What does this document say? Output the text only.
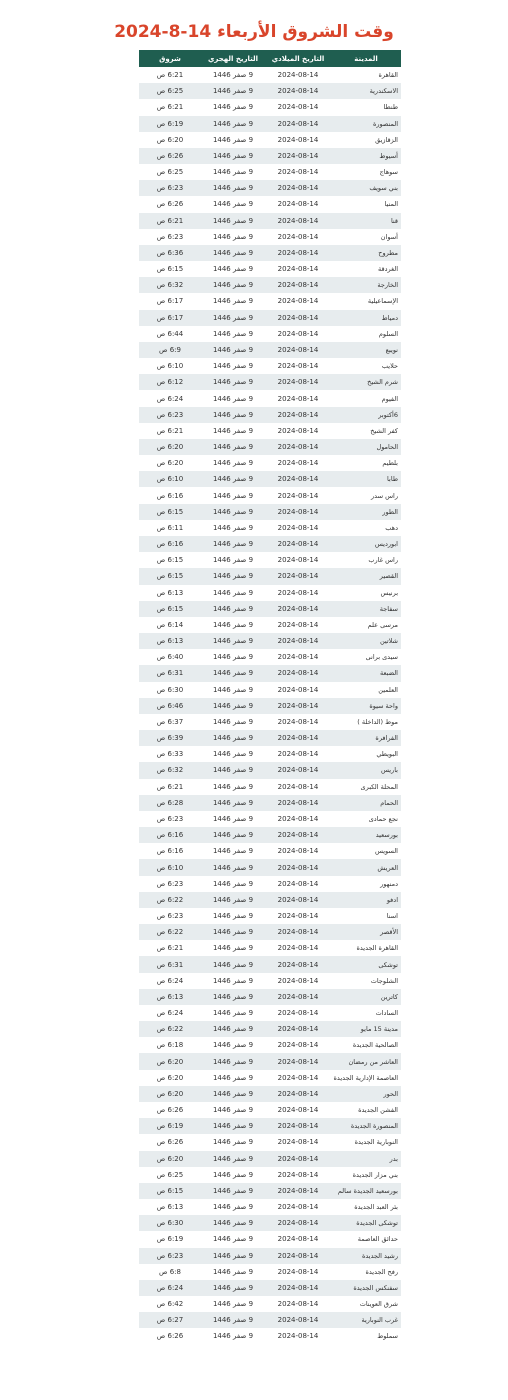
وقت الشروق الأربعاء 14-8-2024
المدينة	التاريخ الميلادي	التاريخ الهجري	شروق
القاهرة	2024-08-14	9 صفر 1446	6:21 ص
الاسكندرية	2024-08-14	9 صفر 1446	6:25 ص
طنطا	2024-08-14	9 صفر 1446	6:21 ص
المنصورة	2024-08-14	9 صفر 1446	6:19 ص
الزقازيق	2024-08-14	9 صفر 1446	6:20 ص
أسيوط	2024-08-14	9 صفر 1446	6:26 ص
سوهاج	2024-08-14	9 صفر 1446	6:25 ص
بني سويف	2024-08-14	9 صفر 1446	6:23 ص
المنيا	2024-08-14	9 صفر 1446	6:26 ص
قنا	2024-08-14	9 صفر 1446	6:21 ص
أسوان	2024-08-14	9 صفر 1446	6:23 ص
مطروح	2024-08-14	9 صفر 1446	6:36 ص
الغردقة	2024-08-14	9 صفر 1446	6:15 ص
الخارجة	2024-08-14	9 صفر 1446	6:32 ص
الإسماعيلية	2024-08-14	9 صفر 1446	6:17 ص
دمياط	2024-08-14	9 صفر 1446	6:17 ص
السلوم	2024-08-14	9 صفر 1446	6:44 ص
نويبع	2024-08-14	9 صفر 1446	6:9 ص
حلايب	2024-08-14	9 صفر 1446	6:10 ص
شرم الشيخ	2024-08-14	9 صفر 1446	6:12 ص
الفيوم	2024-08-14	9 صفر 1446	6:24 ص
6أكتوبر	2024-08-14	9 صفر 1446	6:23 ص
كفر الشيخ	2024-08-14	9 صفر 1446	6:21 ص
الحامول	2024-08-14	9 صفر 1446	6:20 ص
بلطيم	2024-08-14	9 صفر 1446	6:20 ص
طابا	2024-08-14	9 صفر 1446	6:10 ص
راس سدر	2024-08-14	9 صفر 1446	6:16 ص
الطور	2024-08-14	9 صفر 1446	6:15 ص
دهب	2024-08-14	9 صفر 1446	6:11 ص
ابورديس	2024-08-14	9 صفر 1446	6:16 ص
راس غارب	2024-08-14	9 صفر 1446	6:15 ص
القصير	2024-08-14	9 صفر 1446	6:15 ص
برنيس	2024-08-14	9 صفر 1446	6:13 ص
سفاجة	2024-08-14	9 صفر 1446	6:15 ص
مرسى علم	2024-08-14	9 صفر 1446	6:14 ص
شلاتين	2024-08-14	9 صفر 1446	6:13 ص
سيدى برانى	2024-08-14	9 صفر 1446	6:40 ص
الضبعة	2024-08-14	9 صفر 1446	6:31 ص
العلمين	2024-08-14	9 صفر 1446	6:30 ص
واحة سيوة	2024-08-14	9 صفر 1446	6:46 ص
موط (الداخلة )	2024-08-14	9 صفر 1446	6:37 ص
الفرافرة	2024-08-14	9 صفر 1446	6:39 ص
البويطي	2024-08-14	9 صفر 1446	6:33 ص
باريس	2024-08-14	9 صفر 1446	6:32 ص
المحلة الكبرى	2024-08-14	9 صفر 1446	6:21 ص
الحمام	2024-08-14	9 صفر 1446	6:28 ص
نجع حمادى	2024-08-14	9 صفر 1446	6:23 ص
بورسعيد	2024-08-14	9 صفر 1446	6:16 ص
السويس	2024-08-14	9 صفر 1446	6:16 ص
العريش	2024-08-14	9 صفر 1446	6:10 ص
دمنهور	2024-08-14	9 صفر 1446	6:23 ص
ادفو	2024-08-14	9 صفر 1446	6:22 ص
اسنا	2024-08-14	9 صفر 1446	6:23 ص
الأقصر	2024-08-14	9 صفر 1446	6:22 ص
القاهرة الجديدة	2024-08-14	9 صفر 1446	6:21 ص
توشكى	2024-08-14	9 صفر 1446	6:31 ص
الشلوجات	2024-08-14	9 صفر 1446	6:24 ص
كاترين	2024-08-14	9 صفر 1446	6:13 ص
السادات	2024-08-14	9 صفر 1446	6:24 ص
مدينة 15 مايو	2024-08-14	9 صفر 1446	6:22 ص
الصالحية الجديدة	2024-08-14	9 صفر 1446	6:18 ص
العاشر من رمضان	2024-08-14	9 صفر 1446	6:20 ص
العاصمة الإدارية الجديدة	2024-08-14	9 صفر 1446	6:20 ص
الحور	2024-08-14	9 صفر 1446	6:20 ص
الفشن الجديدة	2024-08-14	9 صفر 1446	6:26 ص
المنصورة الجديدة	2024-08-14	9 صفر 1446	6:19 ص
النوبارية الجديدة	2024-08-14	9 صفر 1446	6:26 ص
بدر	2024-08-14	9 صفر 1446	6:20 ص
بني مزار الجديدة	2024-08-14	9 صفر 1446	6:25 ص
بورسعيد الجديدة سالم	2024-08-14	9 صفر 1446	6:15 ص
بئر العبد الجديدة	2024-08-14	9 صفر 1446	6:13 ص
توشكى الجديدة	2024-08-14	9 صفر 1446	6:30 ص
حدائق العاصمة	2024-08-14	9 صفر 1446	6:19 ص
رشيد الجديدة	2024-08-14	9 صفر 1446	6:23 ص
رفح الجديدة	2024-08-14	9 صفر 1446	6:8 ص
سفنكس الجديدة	2024-08-14	9 صفر 1446	6:24 ص
شرق العوينات	2024-08-14	9 صفر 1446	6:42 ص
غرب النوبارية	2024-08-14	9 صفر 1446	6:27 ص
سملوط	2024-08-14	9 صفر 1446	6:26 ص
